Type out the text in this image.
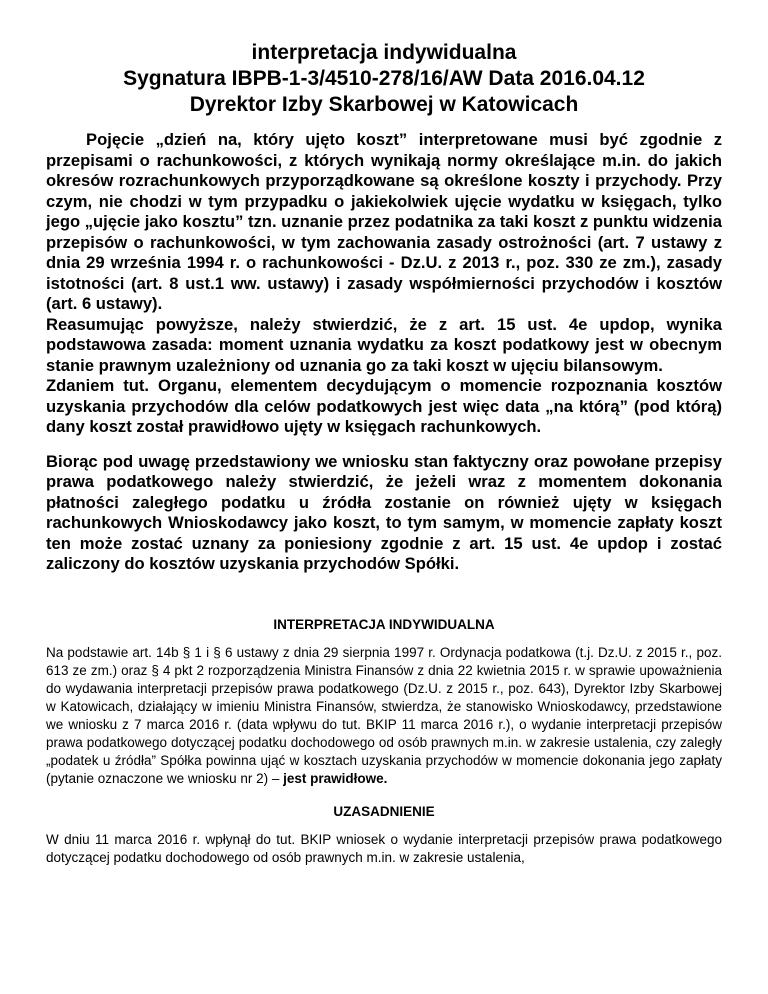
interpretacja indywidualna
Sygnatura IBPB-1-3/4510-278/16/AW Data 2016.04.12
Dyrektor Izby Skarbowej w Katowicach

Pojęcie „dzień na, który ujęto koszt” interpretowane musi być zgodnie z przepisami o rachunkowości, z których wynikają normy określające m.in. do jakich okresów rozrachunkowych przyporządkowane są określone koszty i przychody. Przy czym, nie chodzi w tym przypadku o jakiekolwiek ujęcie wydatku w księgach, tylko jego „ujęcie jako kosztu” tzn. uznanie przez podatnika za taki koszt z punktu widzenia przepisów o rachunkowości, w tym zachowania zasady ostrożności (art. 7 ustawy z dnia 29 września 1994 r. o rachunkowości - Dz.U. z 2013 r., poz. 330 ze zm.), zasady istotności (art. 8 ust.1 ww. ustawy) i zasady współmierności przychodów i kosztów (art. 6 ustawy).

Reasumując powyższe, należy stwierdzić, że z art. 15 ust. 4e updop, wynika podstawowa zasada: moment uznania wydatku za koszt podatkowy jest w obecnym stanie prawnym uzależniony od uznania go za taki koszt w ujęciu bilansowym.

Zdaniem tut. Organu, elementem decydującym o momencie rozpoznania kosztów uzyskania przychodów dla celów podatkowych jest więc data „na którą” (pod którą) dany koszt został prawidłowo ujęty w księgach rachunkowych.

Biorąc pod uwagę przedstawiony we wniosku stan faktyczny oraz powołane przepisy prawa podatkowego należy stwierdzić, że jeżeli wraz z momentem dokonania płatności zaległego podatku u źródła zostanie on również ujęty w księgach rachunkowych Wnioskodawcy jako koszt, to tym samym, w momencie zapłaty koszt ten może zostać uznany za poniesiony zgodnie z art. 15 ust. 4e updop i zostać zaliczony do kosztów uzyskania przychodów Spółki.

INTERPRETACJA INDYWIDUALNA

Na podstawie art. 14b § 1 i § 6 ustawy z dnia 29 sierpnia 1997 r. Ordynacja podatkowa (t.j. Dz.U. z 2015 r., poz. 613 ze zm.) oraz § 4 pkt 2 rozporządzenia Ministra Finansów z dnia 22 kwietnia 2015 r. w sprawie upoważnienia do wydawania interpretacji przepisów prawa podatkowego (Dz.U. z 2015 r., poz. 643), Dyrektor Izby Skarbowej w Katowicach, działający w imieniu Ministra Finansów, stwierdza, że stanowisko Wnioskodawcy, przedstawione we wniosku z 7 marca 2016 r. (data wpływu do tut. BKIP 11 marca 2016 r.), o wydanie interpretacji przepisów prawa podatkowego dotyczącej podatku dochodowego od osób prawnych m.in. w zakresie ustalenia, czy zaległy „podatek u źródła” Spółka powinna ująć w kosztach uzyskania przychodów w momencie dokonania jego zapłaty (pytanie oznaczone we wniosku nr 2) – jest prawidłowe.

UZASADNIENIE

W dniu 11 marca 2016 r. wpłynął do tut. BKIP wniosek o wydanie interpretacji przepisów prawa podatkowego dotyczącej podatku dochodowego od osób prawnych m.in. w zakresie ustalenia,
